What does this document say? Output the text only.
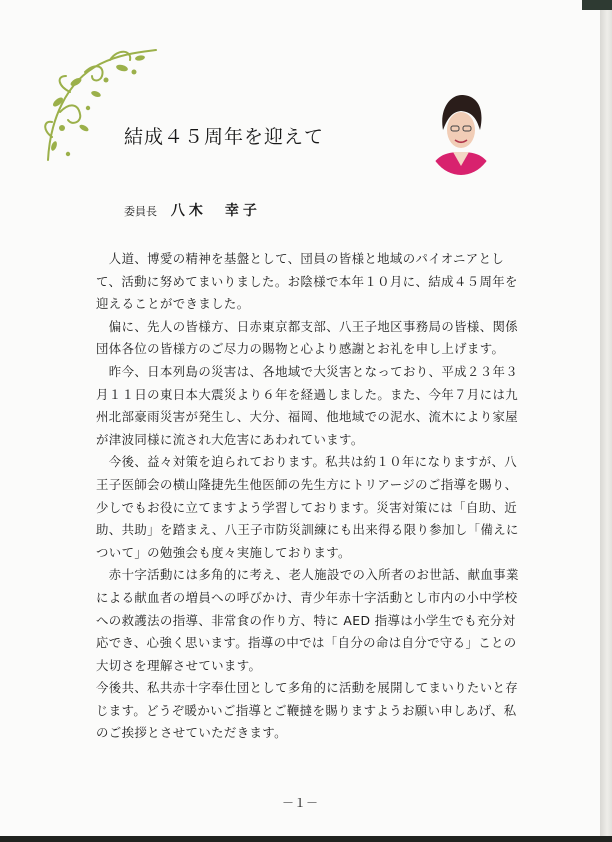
結成４５周年を迎えて
委員長 八木　幸子

　人道、博愛の精神を基盤として、団員の皆様と地域のパイオニアとして、活動に努めてまいりました。お陰様で本年１０月に、結成４５周年を迎えることができました。

　偏に、先人の皆様方、日赤東京都支部、八王子地区事務局の皆様、関係団体各位の皆様方のご尽力の賜物と心より感謝とお礼を申し上げます。

　昨今、日本列島の災害は、各地域で大災害となっており、平成２３年３月１１日の東日本大震災より６年を経過しました。また、今年７月には九州北部豪雨災害が発生し、大分、福岡、他地域での泥水、流木により家屋が津波同様に流され大危害にあわれています。

　今後、益々対策を迫られております。私共は約１０年になりますが、八王子医師会の横山隆捷先生他医師の先生方にトリアージのご指導を賜り、少しでもお役に立てますよう学習しております。災害対策には「自助、近助、共助」を踏まえ、八王子市防災訓練にも出来得る限り参加し「備えについて」の勉強会も度々実施しております。

　赤十字活動には多角的に考え、老人施設での入所者のお世話、献血事業による献血者の増員への呼びかけ、青少年赤十字活動とし市内の小中学校への救護法の指導、非常食の作り方、特に AED 指導は小学生でも充分対応でき、心強く思います。指導の中では「自分の命は自分で守る」ことの大切さを理解させています。

今後共、私共赤十字奉仕団として多角的に活動を展開してまいりたいと存じます。どうぞ暖かいご指導とご鞭撻を賜りますようお願い申しあげ、私のご挨拶とさせていただきます。

－１－
